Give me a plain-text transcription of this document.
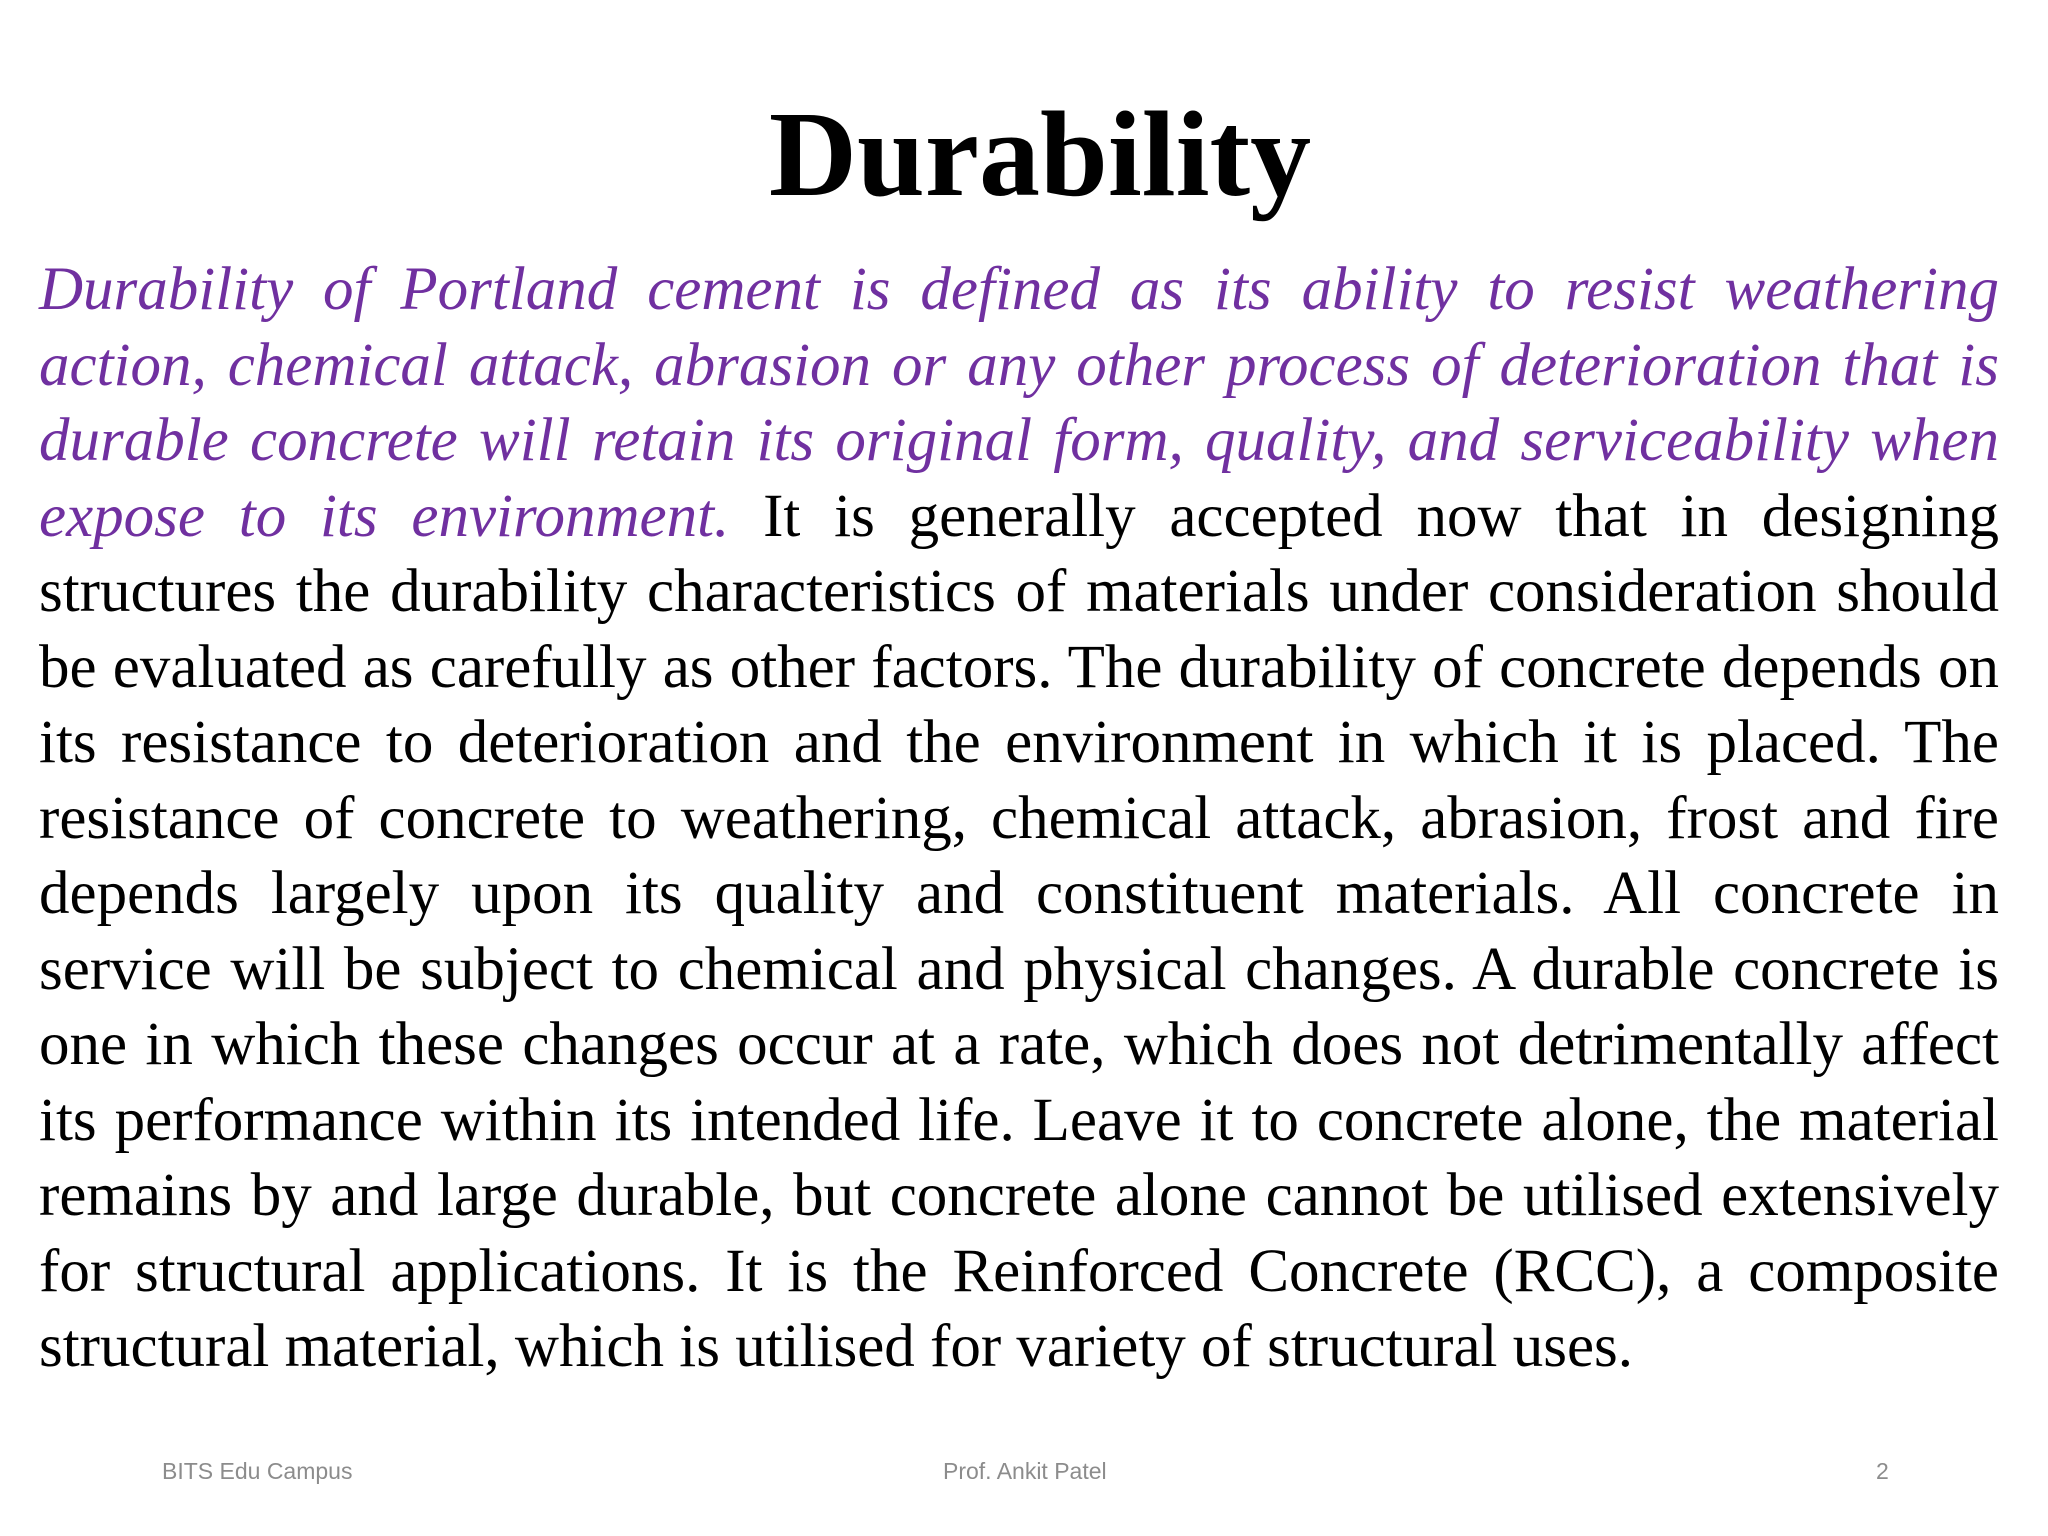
Durability

Durability of Portland cement is defined as its ability to resist weathering action, chemical attack, abrasion or any other process of deterioration that is durable concrete will retain its original form, quality, and serviceability when expose to its environment. It is generally accepted now that in designing structures the durability characteristics of materials under consideration should be evaluated as carefully as other factors. The durability of concrete depends on its resistance to deterioration and the environment in which it is placed. The resistance of concrete to weathering, chemical attack, abrasion, frost and fire depends largely upon its quality and constituent materials. All concrete in service will be subject to chemical and physical changes. A durable concrete is one in which these changes occur at a rate, which does not detrimentally affect its performance within its intended life. Leave it to concrete alone, the material remains by and large durable, but concrete alone cannot be utilised extensively for structural applications. It is the Reinforced Concrete (RCC), a composite structural material, which is utilised for variety of structural uses.

BITS Edu Campus	Prof. Ankit Patel	2
